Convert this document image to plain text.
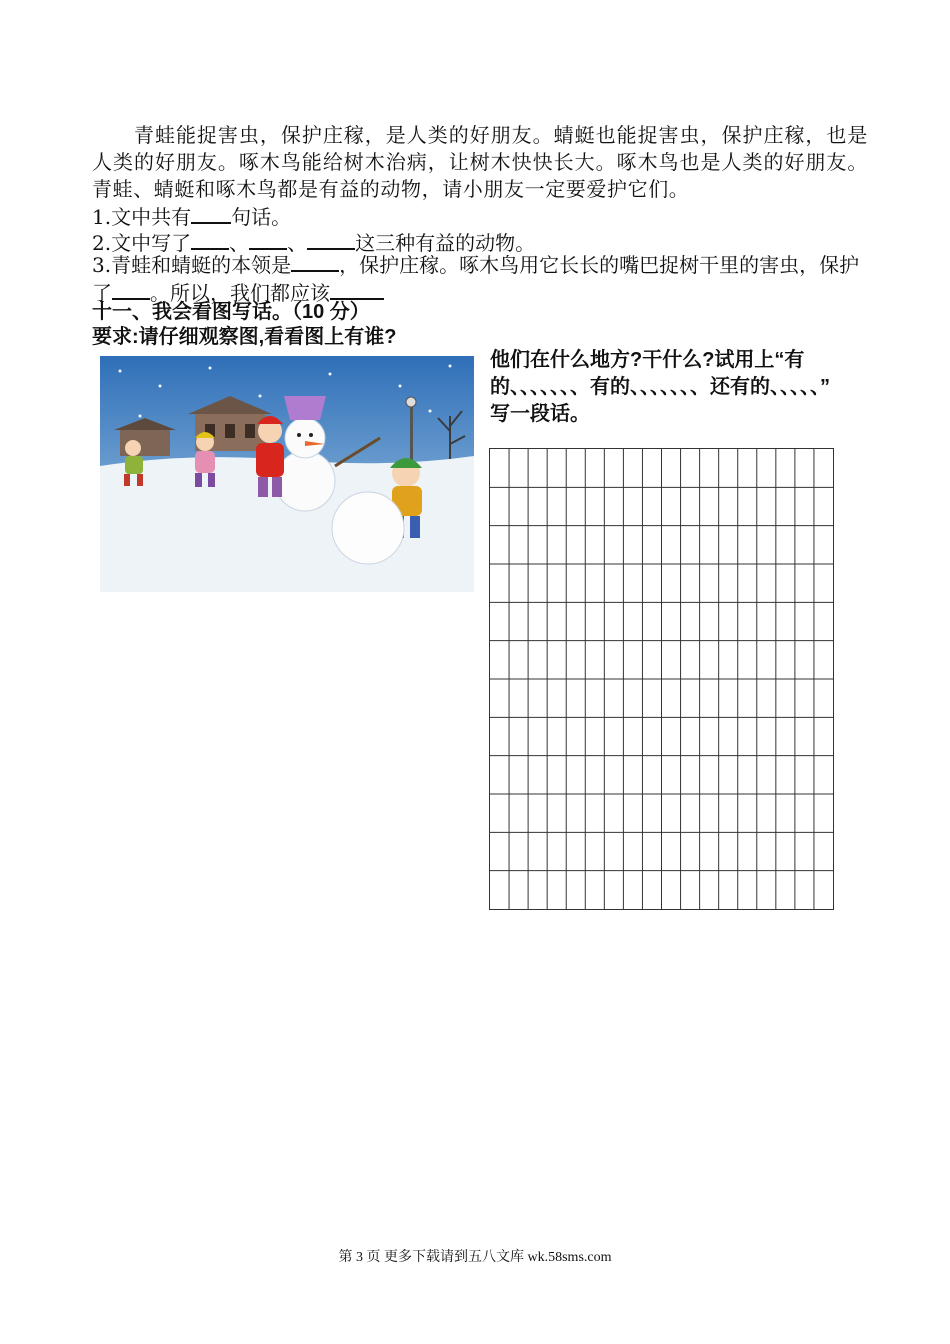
青蛙能捉害虫，保护庄稼，是人类的好朋友。蜻蜓也能捉害虫，保护庄稼，也是人类的好朋友。啄木鸟能给树木治病，让树木快快长大。啄木鸟也是人类的好朋友。青蛙、蜻蜓和啄木鸟都是有益的动物，请小朋友一定要爱护它们。

1.文中共有 句话。
2.文中写了 、 、 这三种有益的动物。
3.青蛙和蜻蜓的本领是 ，保护庄稼。啄木鸟用它长长的嘴巴捉树干里的害虫，保护了 。所以，我们都应该
十一、我会看图写话。（10 分）
要求:请仔细观察图,看看图上有谁?
他们在什么地方?干什么?试用上“有的、、、、、、、有的、、、、、、、还有的、、、、、”
写一段话。
第 3 页 更多下载请到五八文库 wk.58sms.com
